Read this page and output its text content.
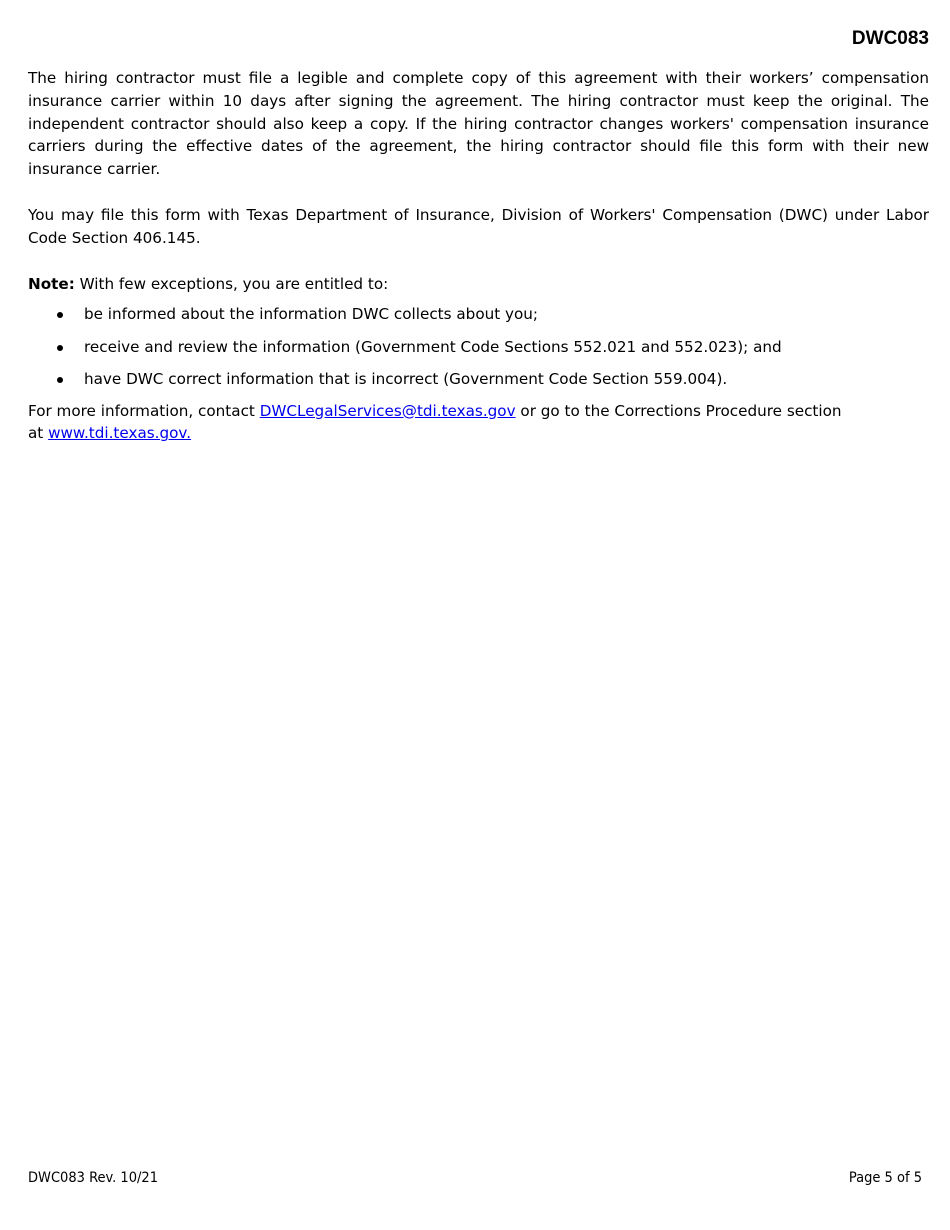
DWC083

The hiring contractor must file a legible and complete copy of this agreement with their workers’ compensation insurance carrier within 10 days after signing the agreement. The hiring contractor must keep the original. The independent contractor should also keep a copy. If the hiring contractor changes workers' compensation insurance carriers during the effective dates of the agreement, the hiring contractor should file this form with their new insurance carrier.

You may file this form with Texas Department of Insurance, Division of Workers' Compensation (DWC) under Labor Code Section 406.145.

Note: With few exceptions, you are entitled to:

be informed about the information DWC collects about you;
receive and review the information (Government Code Sections 552.021 and 552.023); and
have DWC correct information that is incorrect (Government Code Section 559.004).

For more information, contact DWCLegalServices@tdi.texas.gov or go to the Corrections Procedure section
at www.tdi.texas.gov.

DWC083 Rev. 10/21	Page 5 of 5
